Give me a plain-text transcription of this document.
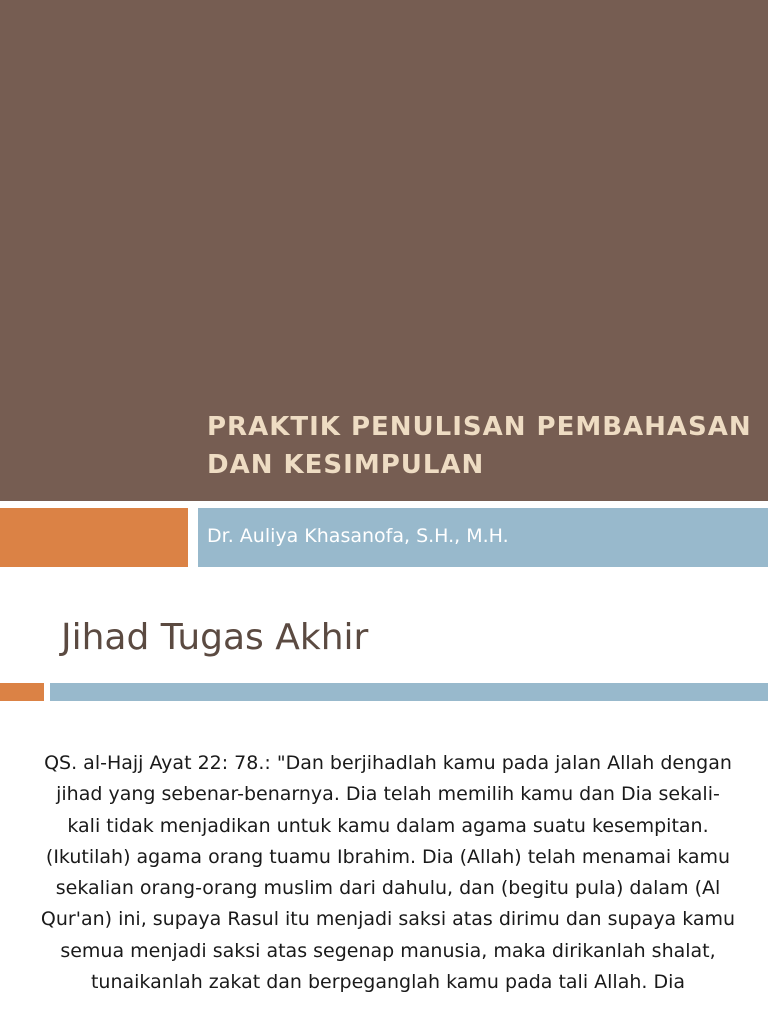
PRAKTIK PENULISAN PEMBAHASAN DAN KESIMPULAN
Dr. Auliya Khasanofa, S.H., M.H.
Jihad Tugas Akhir
QS. al-Hajj Ayat 22: 78.: "Dan berjihadlah kamu pada jalan Allah dengan jihad yang sebenar-benarnya. Dia telah memilih kamu dan Dia sekali-kali tidak menjadikan untuk kamu dalam agama suatu kesempitan. (Ikutilah) agama orang tuamu Ibrahim. Dia (Allah) telah menamai kamu sekalian orang-orang muslim dari dahulu, dan (begitu pula) dalam (Al Qur'an) ini, supaya Rasul itu menjadi saksi atas dirimu dan supaya kamu semua menjadi saksi atas segenap manusia, maka dirikanlah shalat, tunaikanlah zakat dan berpeganglah kamu pada tali Allah. Dia
